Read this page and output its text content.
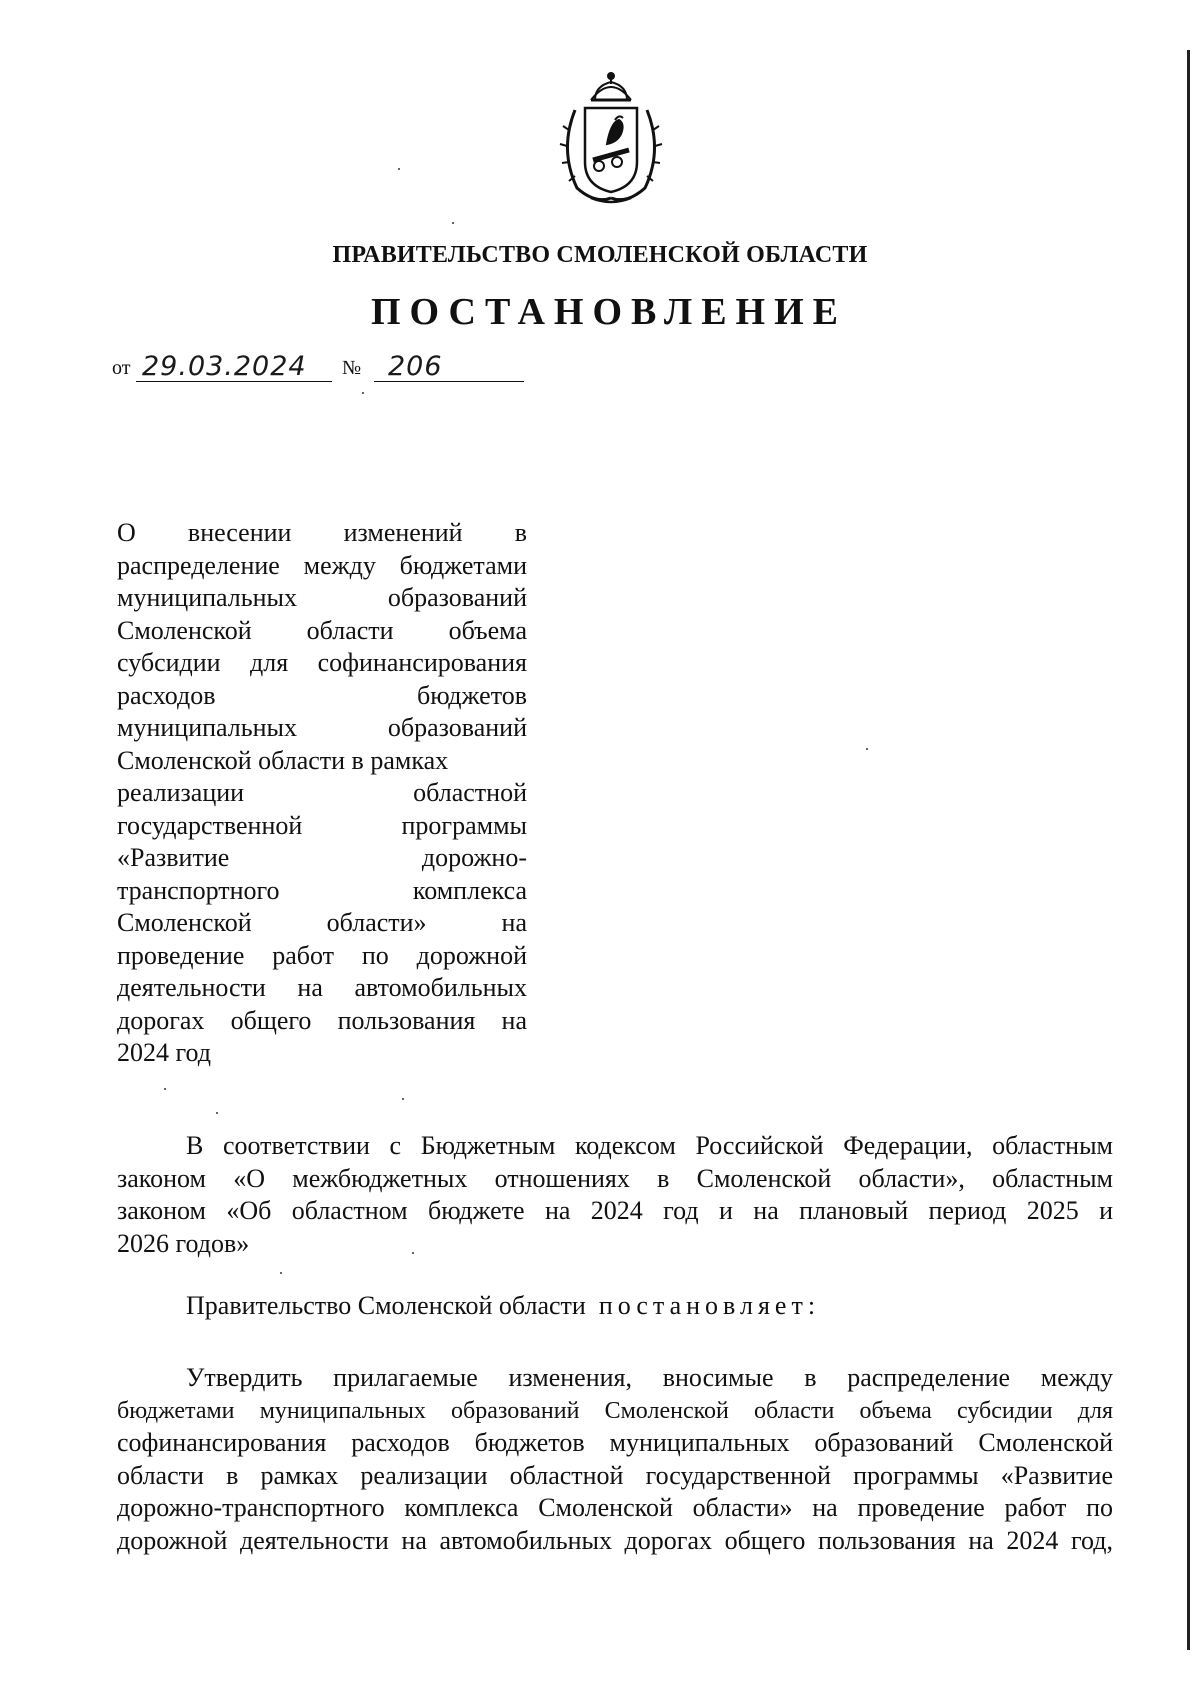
ПРАВИТЕЛЬСТВО СМОЛЕНСКОЙ ОБЛАСТИ
ПОСТАНОВЛЕНИЕ
от 29.03.2024 № 206
О внесении изменений в
распределение между бюджетами
муниципальных образований
Смоленской области объема
субсидии для софинансирования
расходов бюджетов
муниципальных образований
Смоленской области в рамках
реализации областной
государственной программы
«Развитие дорожно-
транспортного комплекса
Смоленской области» на
проведение работ по дорожной
деятельности на автомобильных
дорогах общего пользования на
2024 год
В соответствии с Бюджетным кодексом Российской Федерации, областным
законом «О межбюджетных отношениях в Смоленской области», областным
законом «Об областном бюджете на 2024 год и на плановый период 2025 и
2026 годов»
Правительство Смоленской области постановляет:
Утвердить прилагаемые изменения, вносимые в распределение между
бюджетами муниципальных образований Смоленской области объема субсидии для
софинансирования расходов бюджетов муниципальных образований Смоленской
области в рамках реализации областной государственной программы «Развитие
дорожно-транспортного комплекса Смоленской области» на проведение работ по
дорожной деятельности на автомобильных дорогах общего пользования на 2024 год,
